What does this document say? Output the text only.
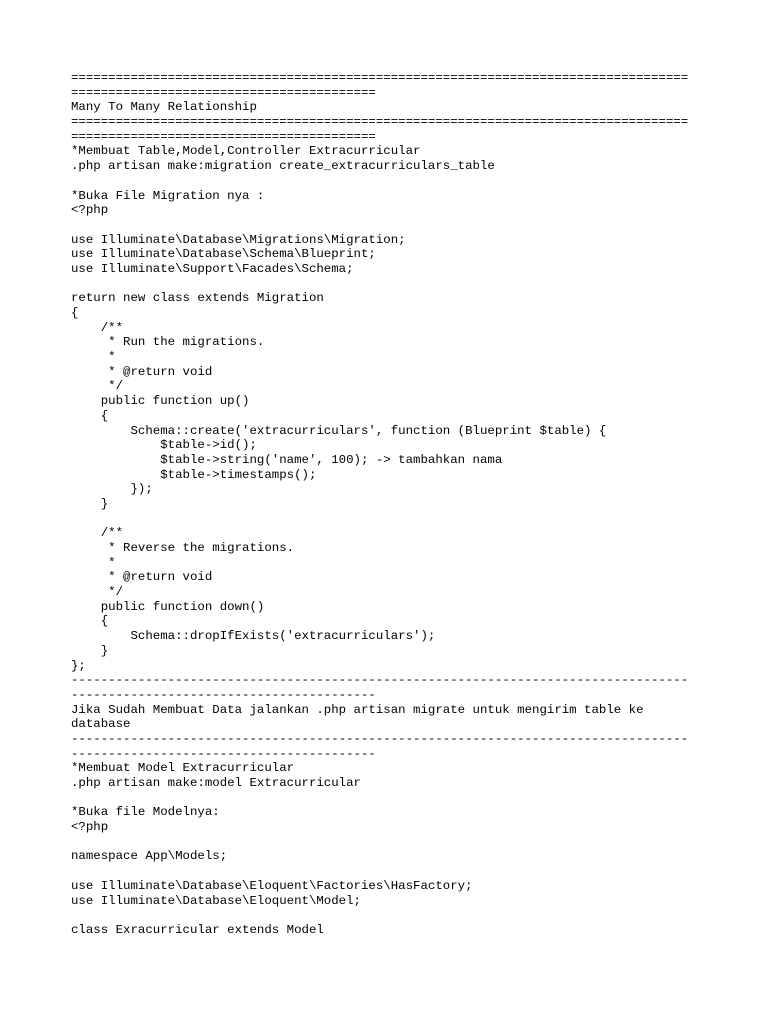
===================================================================================

=========================================

Many To Many Relationship

===================================================================================

=========================================

*Membuat Table,Model,Controller Extracurricular

.php artisan make:migration create_extracurriculars_table

*Buka File Migration nya :

<?php

use Illuminate\Database\Migrations\Migration;

use Illuminate\Database\Schema\Blueprint;

use Illuminate\Support\Facades\Schema;

return new class extends Migration

{

/**

* Run the migrations.

*

* @return void

*/

public function up()

{

Schema::create('extracurriculars', function (Blueprint $table) {

$table->id();

$table->string('name', 100); -> tambahkan nama

$table->timestamps();

});

}

/**

* Reverse the migrations.

*

* @return void

*/

public function down()

{

Schema::dropIfExists('extracurriculars');

}

};

-----------------------------------------------------------------------------------

-----------------------------------------

Jika Sudah Membuat Data jalankan .php artisan migrate untuk mengirim table ke

database

-----------------------------------------------------------------------------------

-----------------------------------------

*Membuat Model Extracurricular

.php artisan make:model Extracurricular

*Buka file Modelnya:

<?php

namespace App\Models;

use Illuminate\Database\Eloquent\Factories\HasFactory;

use Illuminate\Database\Eloquent\Model;

class Exracurricular extends Model
